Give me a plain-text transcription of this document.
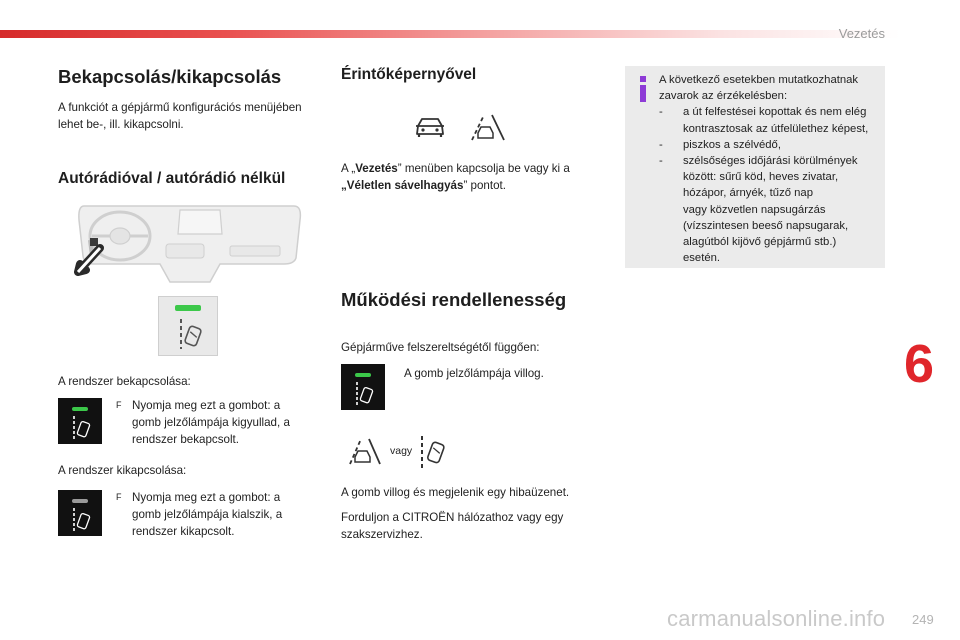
Vezetés
Bekapcsolás/kikapcsolás
A funkciót a gépjármű konfigurációs menüjében
lehet be-, ill. kikapcsolni.
Autórádióval / autórádió nélkül
A rendszer bekapcsolása:
F Nyomja meg ezt a gombot: a
gomb jelzőlámpája kigyullad, a
rendszer bekapcsolt.
A rendszer kikapcsolása:
F Nyomja meg ezt a gombot: a
gomb jelzőlámpája kialszik, a
rendszer kikapcsolt.
Érintőképernyővel
A „Vezetés” menüben kapcsolja be vagy ki a
„Véletlen sávelhagyás” pontot.
Működési rendellenesség
Gépjárműve felszereltségétől függően:
A gomb jelzőlámpája villog.
vagy
A gomb villog és megjelenik egy hibaüzenet.
Forduljon a CITROËN hálózathoz vagy egy
szakszervizhez.
A következő esetekben mutatkozhatnak
zavarok az érzékelésben:
-	a út felfestései kopottak és nem elég
kontrasztosak az útfelülethez képest,
-	piszkos a szélvédő,
-	szélsőséges időjárási körülmények
között: sűrű köd, heves zivatar,
hózápor, árnyék, tűző nap
vagy közvetlen napsugárzás
(vízszintesen beeső napsugarak,
alagútból kijövő gépjármű stb.)
esetén.
6
carmanualsonline.info 249
